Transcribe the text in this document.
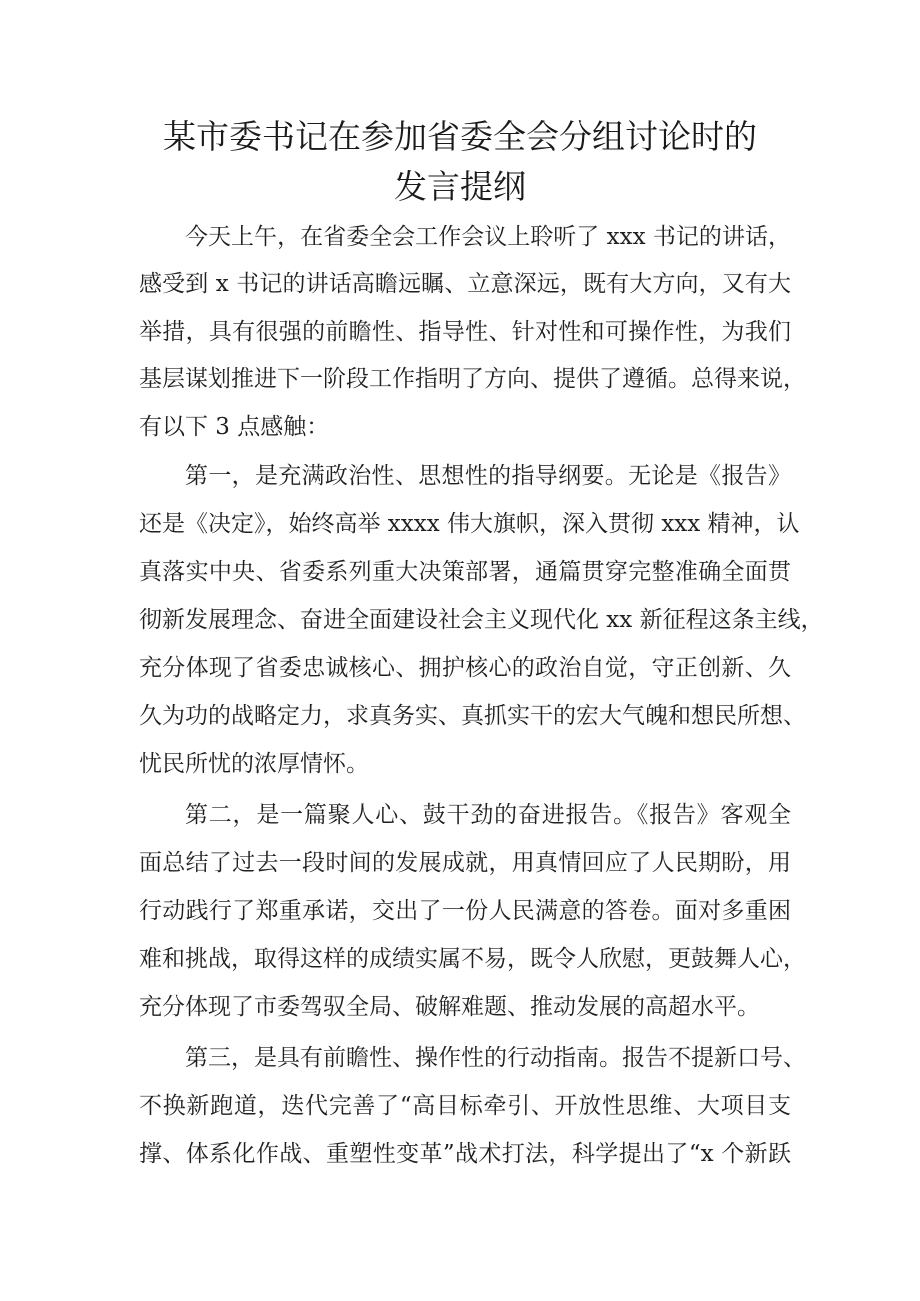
某市委书记在参加省委全会分组讨论时的
发言提纲
今天上午，在省委全会工作会议上聆听了 xxx 书记的讲话，
感受到 x 书记的讲话高瞻远瞩、立意深远，既有大方向，又有大
举措，具有很强的前瞻性、指导性、针对性和可操作性，为我们
基层谋划推进下一阶段工作指明了方向、提供了遵循。总得来说，
有以下 3 点感触：
第一，是充满政治性、思想性的指导纲要。无论是《报告》
还是《决定》，始终高举 xxxx 伟大旗帜，深入贯彻 xxx 精神，认
真落实中央、省委系列重大决策部署，通篇贯穿完整准确全面贯
彻新发展理念、奋进全面建设社会主义现代化 xx 新征程这条主线，
充分体现了省委忠诚核心、拥护核心的政治自觉，守正创新、久
久为功的战略定力，求真务实、真抓实干的宏大气魄和想民所想、
忧民所忧的浓厚情怀。
第二，是一篇聚人心、鼓干劲的奋进报告。《报告》客观全
面总结了过去一段时间的发展成就，用真情回应了人民期盼，用
行动践行了郑重承诺，交出了一份人民满意的答卷。面对多重困
难和挑战，取得这样的成绩实属不易，既令人欣慰，更鼓舞人心，
充分体现了市委驾驭全局、破解难题、推动发展的高超水平。
第三，是具有前瞻性、操作性的行动指南。报告不提新口号、
不换新跑道，迭代完善了“高目标牵引、开放性思维、大项目支
撑、体系化作战、重塑性变革”战术打法，科学提出了“x 个新跃
